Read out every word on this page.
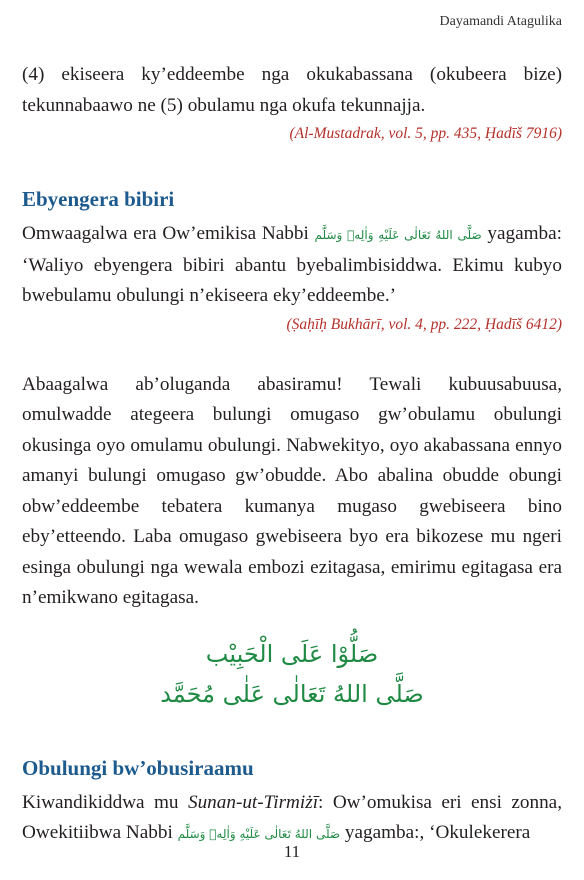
Dayamandi Atagulika

(4) ekiseera ky’eddeembe nga okukabassana (okubeera bize) tekunnabaawo ne (5) obulamu nga okufa tekunnajja.

(Al-Mustadrak, vol. 5, pp. 435, Ḥadīš 7916)
Ebyengera bibiri

Omwaagalwa era Ow’emikisa Nabbi صَلَّى اللهُ تَعَالٰى عَلَيْهِ وَاٰلِهٖ وَسَلَّم yagamba: ‘Waliyo ebyengera bibiri abantu byebalimbisiddwa. Ekimu kubyo bwebulamu obulungi n’ekiseera eky’eddeembe.’

(Ṣaḥīḥ Bukhārī, vol. 4, pp. 222, Ḥadīš 6412)

Abaagalwa ab’oluganda abasiramu! Tewali kubuusabuusa, omulwadde ategeera bulungi omugaso gw’obulamu obulungi okusinga oyo omulamu obulungi. Nabwekityo, oyo akabassana ennyo amanyi bulungi omugaso gw’obudde. Abo abalina obudde obungi obw’eddeembe tebatera kumanya mugaso gwebiseera bino eby’etteendo. Laba omugaso gwebiseera byo era bikozese mu ngeri esinga obulungi nga wewala embozi ezitagasa, emirimu egitagasa era n’emikwano egitagasa.

صَلُّوْا عَلَى الْحَبِيْب صَلَّى اللهُ تَعَالٰى عَلٰى مُحَمَّد
Obulungi bw’obusiraamu

Kiwandikiddwa mu Sunan-ut-Tirmiżī: Ow’omukisa eri ensi zonna, Owekitiibwa Nabbi صَلَّى اللهُ تَعَالٰى عَلَيْهِ وَاٰلِهٖ وَسَلَّم yagamba:, ‘Okulekerera

11
